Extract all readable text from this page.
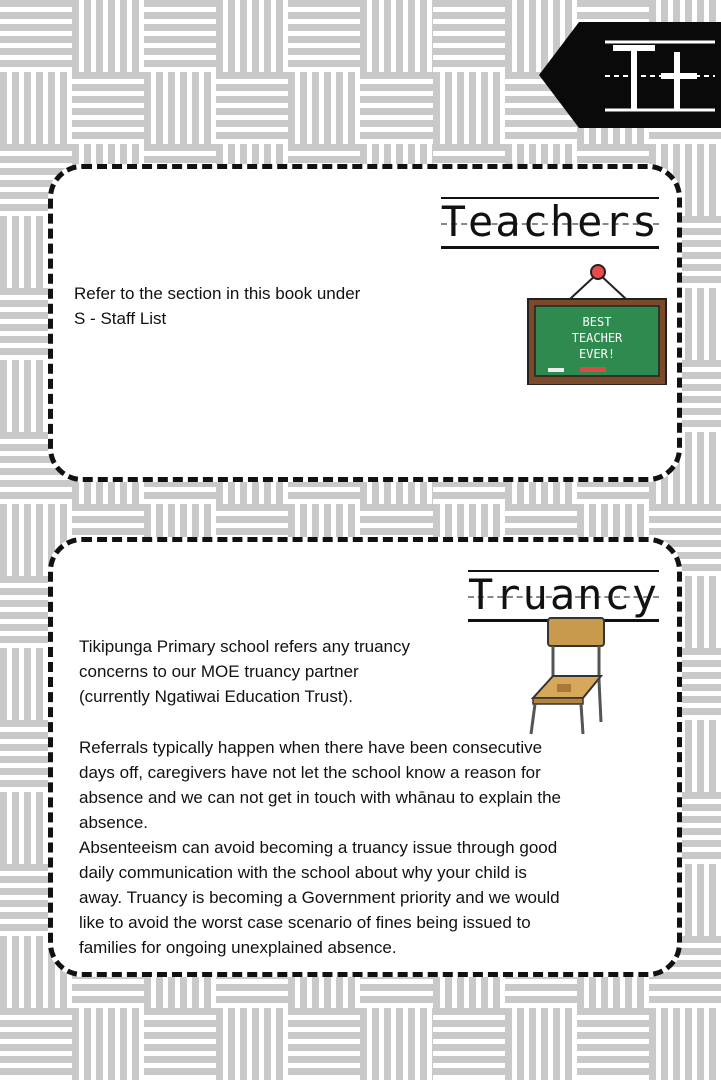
Teachers

Refer to the section in this book under

S - Staff List	BEST
TEACHER
EVER!
Truancy

Tikipunga Primary school refers any truancy

concerns to our MOE truancy partner

(currently Ngatiwai Education Trust).

Referrals typically happen when there have been consecutive

days off, caregivers have not let the school know a reason for

absence and we can not get in touch with whānau to explain the

absence.

Absenteeism can avoid becoming a truancy issue through good

daily communication with the school about why your child is

away. Truancy is becoming a Government priority and we would

like to avoid the worst case scenario of fines being issued to

families for ongoing unexplained absence.
